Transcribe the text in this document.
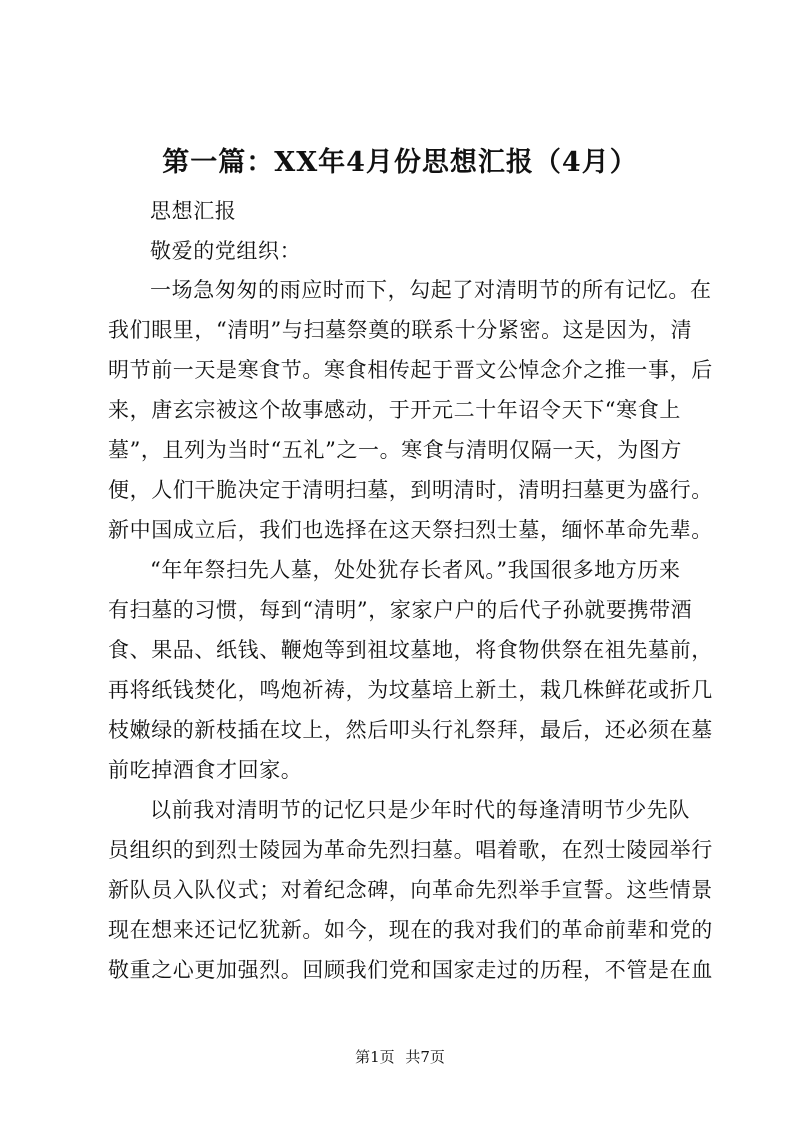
第一篇：XX年4月份思想汇报（4月）
思想汇报
敬爱的党组织：
一场急匆匆的雨应时而下，勾起了对清明节的所有记忆。在
我们眼里，“清明”与扫墓祭奠的联系十分紧密。这是因为，清
明节前一天是寒食节。寒食相传起于晋文公悼念介之推一事，后
来，唐玄宗被这个故事感动，于开元二十年诏令天下“寒食上
墓”，且列为当时“五礼”之一。寒食与清明仅隔一天，为图方
便，人们干脆决定于清明扫墓，到明清时，清明扫墓更为盛行。
新中国成立后，我们也选择在这天祭扫烈士墓，缅怀革命先辈。
“年年祭扫先人墓，处处犹存长者风。”我国很多地方历来
有扫墓的习惯，每到“清明”，家家户户的后代子孙就要携带酒
食、果品、纸钱、鞭炮等到祖坟墓地，将食物供祭在祖先墓前，
再将纸钱焚化，鸣炮祈祷，为坟墓培上新土，栽几株鲜花或折几
枝嫩绿的新枝插在坟上，然后叩头行礼祭拜，最后，还必须在墓
前吃掉酒食才回家。
以前我对清明节的记忆只是少年时代的每逢清明节少先队
员组织的到烈士陵园为革命先烈扫墓。唱着歌，在烈士陵园举行
新队员入队仪式；对着纪念碑，向革命先烈举手宣誓。这些情景
现在想来还记忆犹新。如今，现在的我对我们的革命前辈和党的
敬重之心更加强烈。回顾我们党和国家走过的历程，不管是在血
第1页 共7页
